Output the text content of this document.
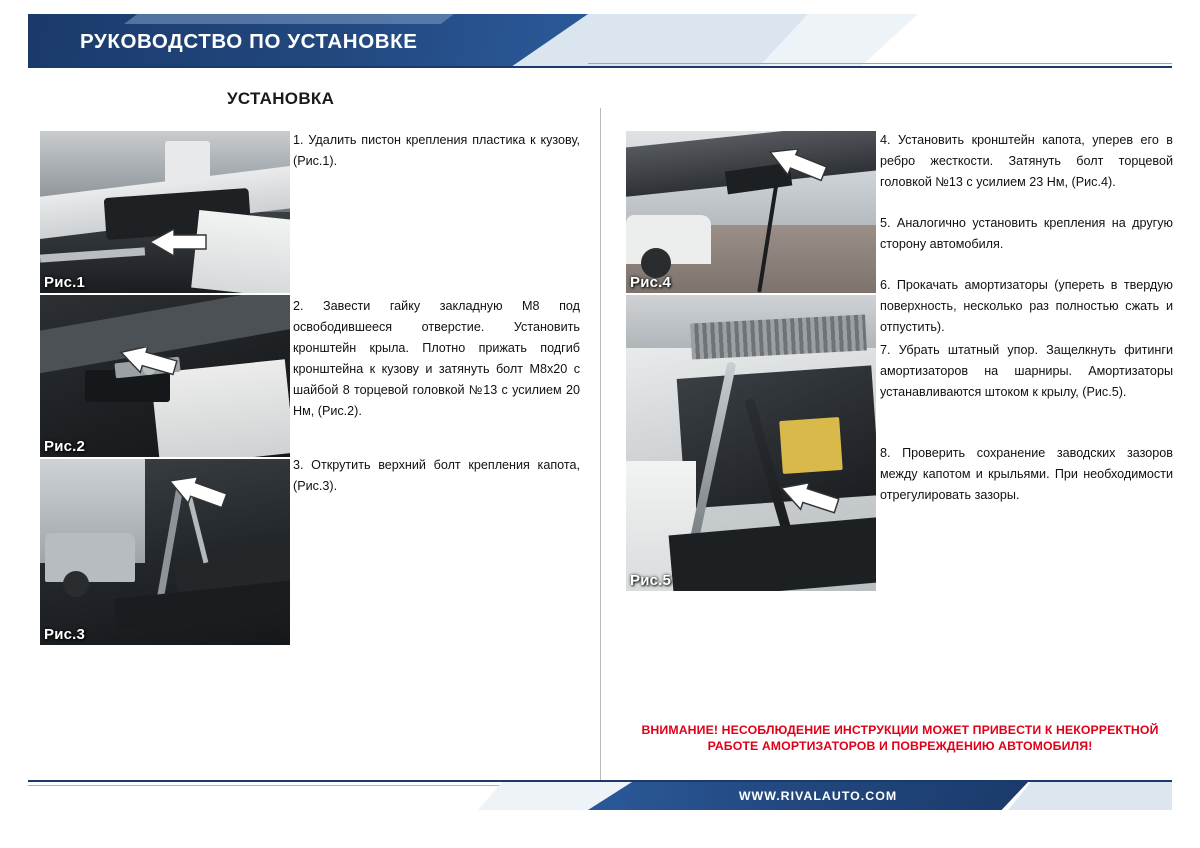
РУКОВОДСТВО ПО УСТАНОВКЕ
УСТАНОВКА
Рис.1
Рис.2
Рис.3
Рис.4
Рис.5
1. Удалить пистон крепления пластика к кузову, (Рис.1).
2. Завести гайку закладную М8 под освободившееся отверстие. Установить кронштейн крыла. Плотно прижать подгиб кронштейна к кузову и затянуть болт М8х20 с шайбой 8 торцевой головкой №13 с усилием 20 Нм, (Рис.2).
3. Открутить верхний болт крепления капота, (Рис.3).
4. Установить кронштейн капота, уперев его в ребро жесткости. Затянуть болт торцевой головкой №13 с усилием 23 Нм, (Рис.4).
5. Аналогично установить крепления на другую сторону автомобиля.
6. Прокачать амортизаторы (упереть в твердую поверхность, несколько раз полностью сжать и отпустить).
7. Убрать штатный упор. Защелкнуть фитинги амортизаторов на шарниры. Амортизаторы устанавливаются штоком к крылу, (Рис.5).
8. Проверить сохранение заводских зазоров между капотом и крыльями. При необходимости отрегулировать зазоры.
ВНИМАНИЕ! НЕСОБЛЮДЕНИЕ ИНСТРУКЦИИ МОЖЕТ ПРИВЕСТИ К НЕКОРРЕКТНОЙ РАБОТЕ АМОРТИЗАТОРОВ И ПОВРЕЖДЕНИЮ АВТОМОБИЛЯ!
WWW.RIVALAUTO.COM
